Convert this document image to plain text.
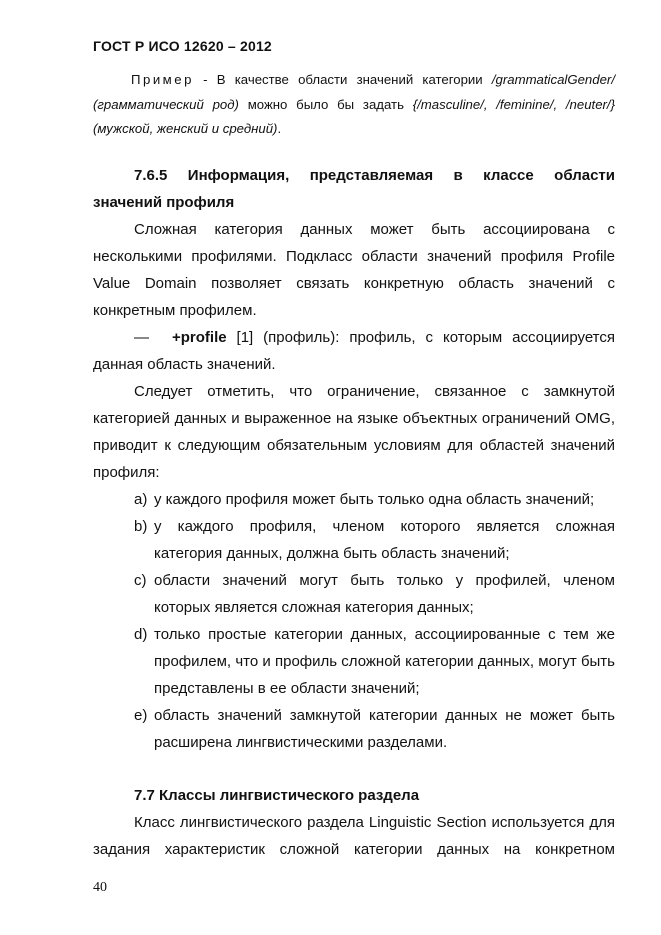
ГОСТ Р ИСО 12620 – 2012
Пример - В качестве области значений категории /grammaticalGender/ (грамматический род) можно было бы задать {/masculine/, /feminine/, /neuter/} (мужской, женский и средний).

7.6.5 Информация, представляемая в классе области

значений профиля

Сложная категория данных может быть ассоциирована с несколькими профилями. Подкласс области значений профиля Profile Value Domain позволяет связать конкретную область значений с конкретным профилем.

— +profile [1] (профиль): профиль, с которым ассоциируется данная область значений.

Следует отметить, что ограничение, связанное с замкнутой категорией данных и выраженное на языке объектных ограничений OMG, приводит к следующим обязательным условиям для областей значений профиля:

a) у каждого профиля может быть только одна область значений;
b) у каждого профиля, членом которого является сложная категория данных, должна быть область значений;
c) области значений могут быть только у профилей, членом которых является сложная категория данных;
d) только простые категории данных, ассоциированные с тем же профилем, что и профиль сложной категории данных, могут быть представлены в ее области значений;
e) область значений замкнутой категории данных не может быть расширена лингвистическими разделами.

7.7 Классы лингвистического раздела

Класс лингвистического раздела Linguistic Section используется для задания характеристик сложной категории данных на конкретном

40
